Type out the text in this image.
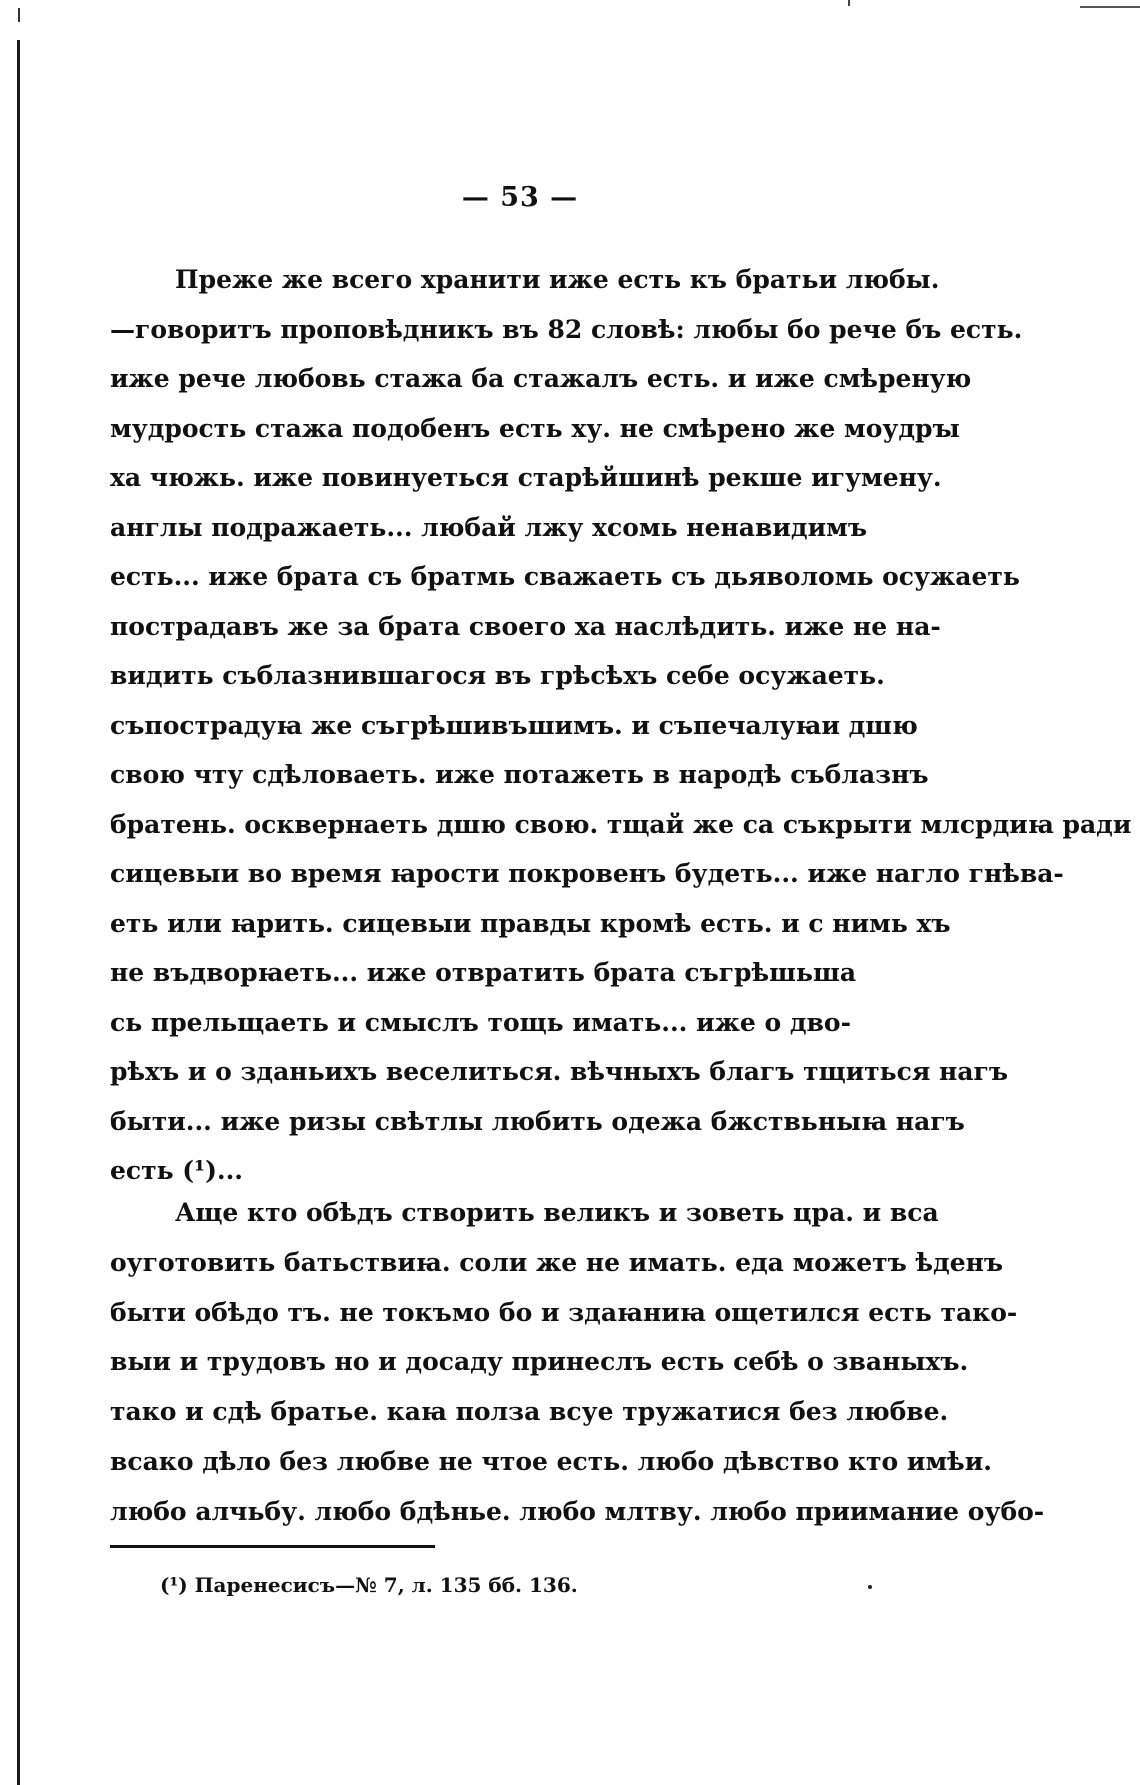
— 53 —
Преже же всего хранити иже есть къ братьи любы.
—говоритъ проповѣдникъ въ 82 словѣ: любы бо рече бъ есть.
иже рече любовь стажа ба стажалъ есть. и иже смѣреную
мудрость стажа подобенъ есть ху. не смѣрено же моудрꙑ
ха чюжь. иже повинуеться старѣйшинѣ рекше игумену.
англы подражаеть... любай лжу хсомь ненавидимъ
есть... иже брата съ братмь сважаеть съ дьяволомь осужаеть
пострадавъ же за брата своего ха наслѣдить. иже не на-
видить съблазнившагося въ грѣсѣхъ себе осужаеть.
съпострадуꙗ же съгрѣшивъшимъ. и съпечалуꙗи дшю
свою чту сдѣловаеть. иже потажеть в народѣ съблазнъ
братень. осквернаеть дшю свою. тщай же са съкрыти млсрдиꙗ ради
сицевыи во время ꙗрости покровенъ будеть... иже нагло гнѣва-
еть или ꙗрить. сицевыи правды кромѣ есть. и с нимь хъ
не въдворꙗеть... иже отвратить брата съгрѣшьша
сь прельщаеть и смыслъ тощь имать... иже о дво-
рѣхъ и о зданьихъ веселиться. вѣчныхъ благъ тщиться нагъ
быти... иже ризы свѣтлы любить одежа бжствьныꙗ нагъ
есть (¹)...
Аще кто обѣдъ створить великъ и зоветь цра. и вса
оуготовить батьствиꙗ. соли же не имать. еда можетъ ѣденъ
быти обѣдо тъ. не токъмо бо и здаꙗниꙗ ощетился есть тако-
выи и трудовъ но и досаду принеслъ есть себѣ о званыхъ.
тако и сдѣ братье. каꙗ полза всуе тружатися без любве.
всако дѣло без любве не чтое есть. любо дѣвство кто имѣи.
любо алчьбу. любо бдѣнье. любо млтву. любо приимание оубо-
(¹) Паренесисъ—№ 7, л. 135 бб. 136.
